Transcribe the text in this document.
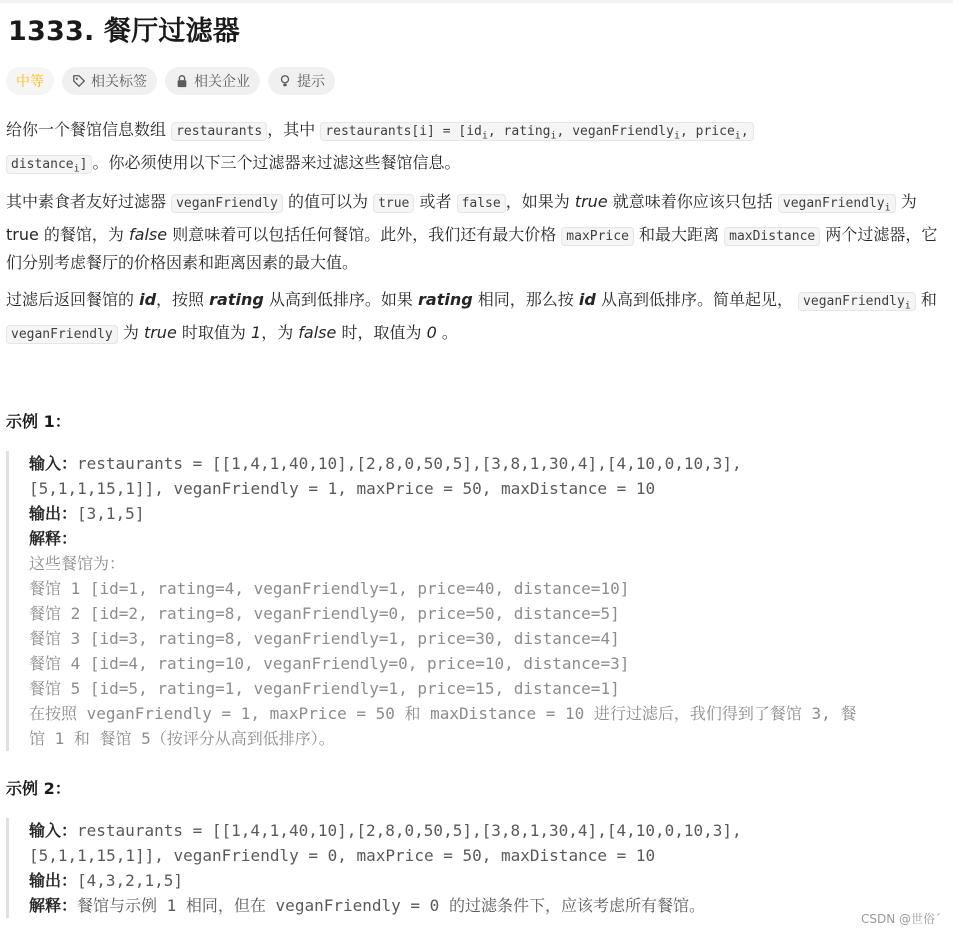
1333. 餐厅过滤器
中等	相关标签	相关企业	提示
给你一个餐馆信息数组 restaurants ，其中 restaurants[i] = [$id_i$, rating$_i$, veganFriendly$_i$, price$_i$,
distance$_i$] 。你必须使用以下三个过滤器来过滤这些餐馆信息。
其中素食者友好过滤器 veganFriendly 的值可以为 true 或者 false ，如果为 true 就意味着你应该只包括 veganFriendly$_i$ 为 true 的餐馆，为 false 则意味着可以包括任何餐馆。此外，我们还有最大价格 maxPrice 和最大距离 maxDistance 两个过滤器，它们分别考虑餐厅的价格因素和距离因素的最大值。
过滤后返回餐馆的 id，按照 rating 从高到低排序。如果 rating 相同，那么按 id 从高到低排序。简单起见， veganFriendly$_i$ 和 veganFriendly 为 true 时取值为 1，为 false 时，取值为 0 。
示例 1：
输入：restaurants = [[1,4,1,40,10],[2,8,0,50,5],[3,8,1,30,4],[4,10,0,10,3],
[5,1,1,15,1]], veganFriendly = 1, maxPrice = 50, maxDistance = 10
输出：[3,1,5]
解释：
这些餐馆为：
餐馆 1 [id=1, rating=4, veganFriendly=1, price=40, distance=10]
餐馆 2 [id=2, rating=8, veganFriendly=0, price=50, distance=5]
餐馆 3 [id=3, rating=8, veganFriendly=1, price=30, distance=4]
餐馆 4 [id=4, rating=10, veganFriendly=0, price=10, distance=3]
餐馆 5 [id=5, rating=1, veganFriendly=1, price=15, distance=1]
在按照 veganFriendly = 1, maxPrice = 50 和 maxDistance = 10 进行过滤后，我们得到了餐馆 3, 餐
馆 1 和 餐馆 5（按评分从高到低排序）。
示例 2：
输入：restaurants = [[1,4,1,40,10],[2,8,0,50,5],[3,8,1,30,4],[4,10,0,10,3],
[5,1,1,15,1]], veganFriendly = 0, maxPrice = 50, maxDistance = 10
输出：[4,3,2,1,5]
解释：餐馆与示例 1 相同，但在 veganFriendly = 0 的过滤条件下，应该考虑所有餐馆。
CSDN @世俗ˊ
